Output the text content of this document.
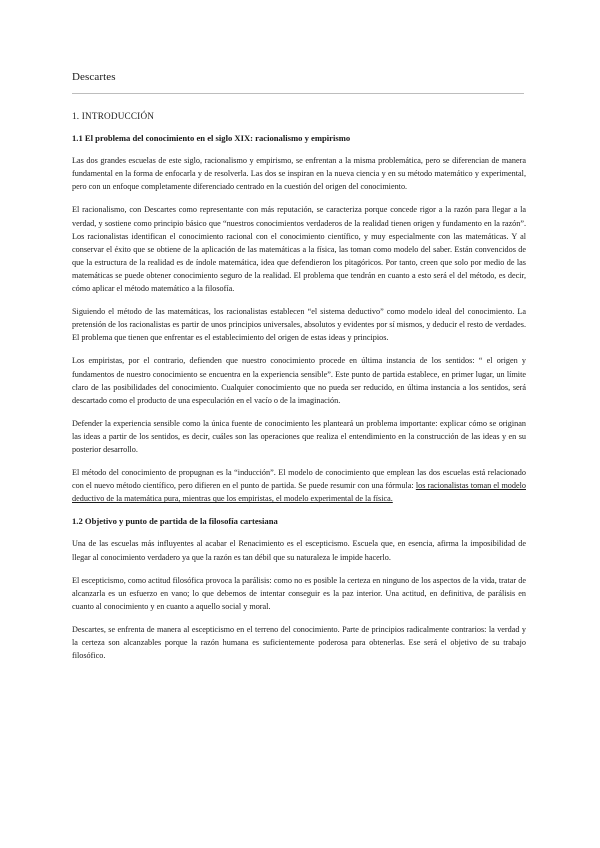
Descartes
1. INTRODUCCIÓN
1.1 El problema del conocimiento en el siglo XIX: racionalismo y empirismo

Las dos grandes escuelas de este siglo, racionalismo y empirismo, se enfrentan a la misma problemática, pero se diferencian de manera fundamental en la forma de enfocarla y de resolverla. Las dos se inspiran en la nueva ciencia y en su método matemático y experimental, pero con un enfoque completamente diferenciado centrado en la cuestión del origen del conocimiento.

El racionalismo, con Descartes como representante con más reputación, se caracteriza porque concede rigor a la razón para llegar a la verdad, y sostiene como principio básico que “nuestros conocimientos verdaderos de la realidad tienen origen y fundamento en la razón”. Los racionalistas identifican el conocimiento racional con el conocimiento científico, y muy especialmente con las matemáticas. Y al conservar el éxito que se obtiene de la aplicación de las matemáticas a la física, las toman como modelo del saber. Están convencidos de que la estructura de la realidad es de índole matemática, idea que defendieron los pitagóricos. Por tanto, creen que solo por medio de las matemáticas se puede obtener conocimiento seguro de la realidad. El problema que tendrán en cuanto a esto será el del método, es decir, cómo aplicar el método matemático a la filosofía.

Siguiendo el método de las matemáticas, los racionalistas establecen “el sistema deductivo” como modelo ideal del conocimiento. La pretensión de los racionalistas es partir de unos principios universales, absolutos y evidentes por sí mismos, y deducir el resto de verdades. El problema que tienen que enfrentar es el establecimiento del origen de estas ideas y principios.

Los empiristas, por el contrario, defienden que nuestro conocimiento procede en última instancia de los sentidos: “ el origen y fundamentos de nuestro conocimiento se encuentra en la experiencia sensible”. Este punto de partida establece, en primer lugar, un límite claro de las posibilidades del conocimiento. Cualquier conocimiento que no pueda ser reducido, en última instancia a los sentidos, será descartado como el producto de una especulación en el vacío o de la imaginación.

Defender la experiencia sensible como la única fuente de conocimiento les planteará un problema importante: explicar cómo se originan las ideas a partir de los sentidos, es decir, cuáles son las operaciones que realiza el entendimiento en la construcción de las ideas y en su posterior desarrollo.

El método del conocimiento de propugnan es la “inducción”. El modelo de conocimiento que emplean las dos escuelas está relacionado con el nuevo método científico, pero difieren en el punto de partida. Se puede resumir con una fórmula: los racionalistas toman el modelo deductivo de la matemática pura, mientras que los empiristas, el modelo experimental de la física.

1.2 Objetivo y punto de partida de la filosofía cartesiana

Una de las escuelas más influyentes al acabar el Renacimiento es el escepticismo. Escuela que, en esencia, afirma la imposibilidad de llegar al conocimiento verdadero ya que la razón es tan débil que su naturaleza le impide hacerlo.

El escepticismo, como actitud filosófica provoca la parálisis: como no es posible la certeza en ninguno de los aspectos de la vida, tratar de alcanzarla es un esfuerzo en vano; lo que debemos de intentar conseguir es la paz interior. Una actitud, en definitiva, de parálisis en cuanto al conocimiento y en cuanto a aquello social y moral.

Descartes, se enfrenta de manera al escepticismo en el terreno del conocimiento. Parte de principios radicalmente contrarios: la verdad y la certeza son alcanzables porque la razón humana es suficientemente poderosa para obtenerlas. Ese será el objetivo de su trabajo filosófico.
